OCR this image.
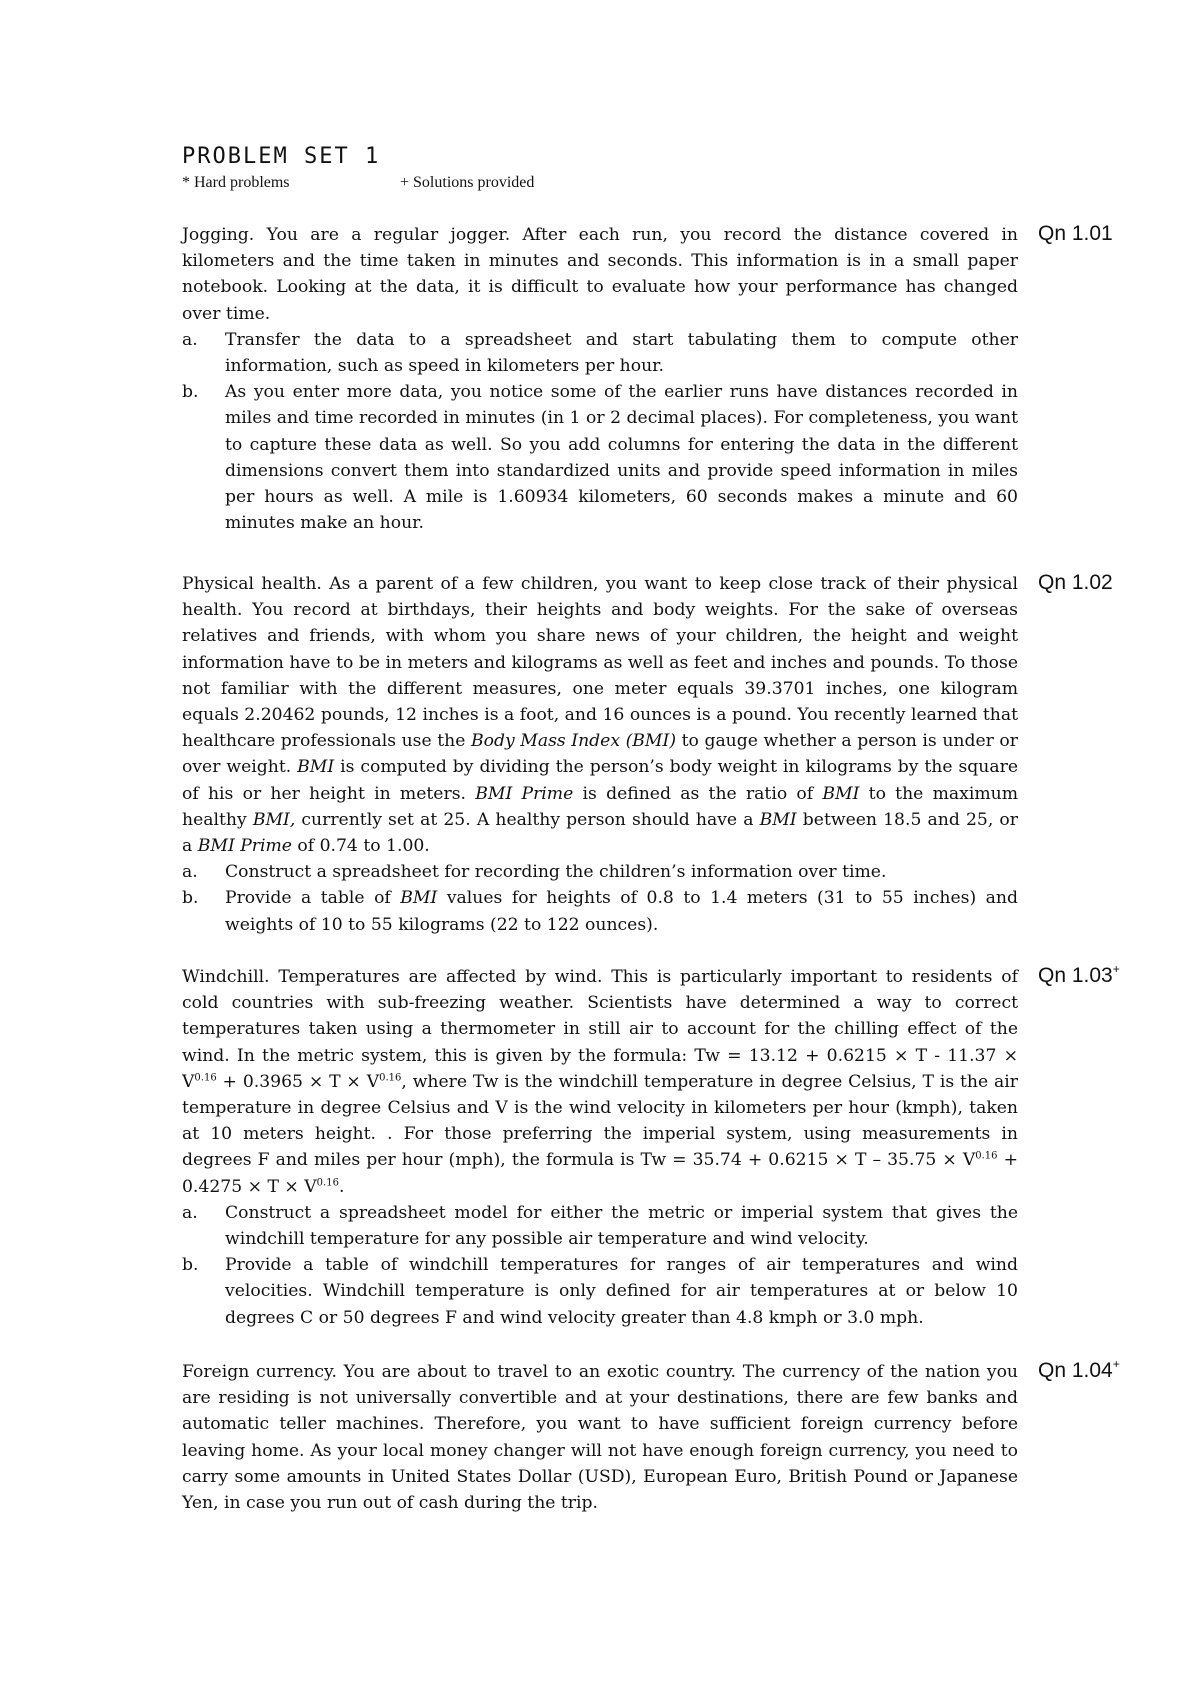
PROBLEM SET 1
* Hard problems	+ Solutions provided
Qn 1.01

Jogging. You are a regular jogger. After each run, you record the distance covered in kilometers and the time taken in minutes and seconds. This information is in a small paper notebook. Looking at the data, it is difficult to evaluate how your performance has changed over time.

a. Transfer the data to a spreadsheet and start tabulating them to compute other information, such as speed in kilometers per hour.
b. As you enter more data, you notice some of the earlier runs have distances recorded in miles and time recorded in minutes (in 1 or 2 decimal places). For completeness, you want to capture these data as well. So you add columns for entering the data in the different dimensions convert them into standardized units and provide speed information in miles per hours as well. A mile is 1.60934 kilometers, 60 seconds makes a minute and 60 minutes make an hour.
Qn 1.02

Physical health. As a parent of a few children, you want to keep close track of their physical health. You record at birthdays, their heights and body weights. For the sake of overseas relatives and friends, with whom you share news of your children, the height and weight information have to be in meters and kilograms as well as feet and inches and pounds. To those not familiar with the different measures, one meter equals 39.3701 inches, one kilogram equals 2.20462 pounds, 12 inches is a foot, and 16 ounces is a pound. You recently learned that healthcare professionals use the Body Mass Index (BMI) to gauge whether a person is under or over weight. BMI is computed by dividing the person’s body weight in kilograms by the square of his or her height in meters. BMI Prime is defined as the ratio of BMI to the maximum healthy BMI, currently set at 25. A healthy person should have a BMI between 18.5 and 25, or a BMI Prime of 0.74 to 1.00.

a. Construct a spreadsheet for recording the children’s information over time.
b. Provide a table of BMI values for heights of 0.8 to 1.4 meters (31 to 55 inches) and weights of 10 to 55 kilograms (22 to 122 ounces).
Qn 1.03+

Windchill. Temperatures are affected by wind. This is particularly important to residents of cold countries with sub-freezing weather. Scientists have determined a way to correct temperatures taken using a thermometer in still air to account for the chilling effect of the wind. In the metric system, this is given by the formula: $Tw = 13.12 + 0.6215 \times T - 11.37 \times V^{0.16} + 0.3965 \times T \times V^{0.16}$, where Tw is the windchill temperature in degree Celsius, T is the air temperature in degree Celsius and V is the wind velocity in kilometers per hour (kmph), taken at 10 meters height. . For those preferring the imperial system, using measurements in degrees F and miles per hour (mph), the formula is $Tw = 35.74 + 0.6215 \times T - 35.75 \times V^{0.16} + 0.4275 \times T \times V^{0.16}$.

a. Construct a spreadsheet model for either the metric or imperial system that gives the windchill temperature for any possible air temperature and wind velocity.
b. Provide a table of windchill temperatures for ranges of air temperatures and wind velocities. Windchill temperature is only defined for air temperatures at or below 10 degrees C or 50 degrees F and wind velocity greater than 4.8 kmph or 3.0 mph.
Qn 1.04+

Foreign currency. You are about to travel to an exotic country. The currency of the nation you are residing is not universally convertible and at your destinations, there are few banks and automatic teller machines. Therefore, you want to have sufficient foreign currency before leaving home. As your local money changer will not have enough foreign currency, you need to carry some amounts in United States Dollar (USD), European Euro, British Pound or Japanese Yen, in case you run out of cash during the trip.
